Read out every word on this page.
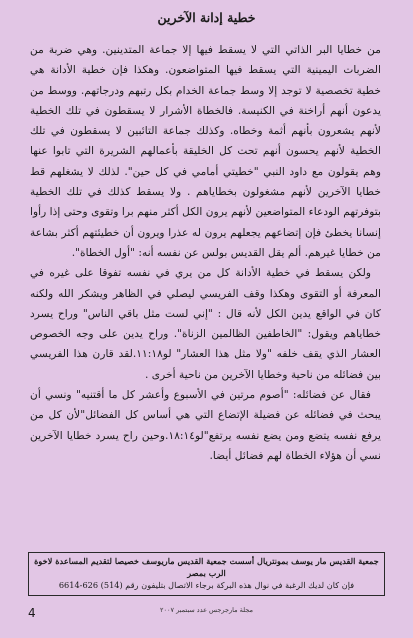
خطية إدانة الآخرين

من خطايا البر الذاتي التي لا يسقط فيها إلا جماعة المتدينين. وهي ضربة من الضربات اليمينية التي يسقط فيها المتواضعون. وهكذا فإن خطية الأدانة هي خطية تخصصية لا توجد إلا وسط جماعة الخدام بكل رتبهم ودرجاتهم. ووسط من يدعون أنهم أراخنة في الكنيسة. فالخطاة الأشرار لا يسقطون في تلك الخطية لأنهم يشعرون بأنهم أثمة وخطاه. وكذلك جماعة التائبين لا يسقطون في تلك الخطية لأنهم يحسون أنهم تحت كل الخليقة بأعمالهم الشريرة التي تابوا عنها وهم يقولون مع داود النبي "خطيتي أمامي في كل حين". لذلك لا يشغلهم قط خطايا الآخرين لأنهم مشغولون بخطاياهم . ولا يسقط كذلك في تلك الخطية بتوفرتهم الودعاء المتواضعين لأنهم يرون الكل أكثر منهم برا وتقوى وحتى إذا رأوا إنسانا يخطئ فإن إتضاعهم يجعلهم يرون له عذرا ويرون أن خطيئتهم أكثر بشاعة من خطايا غيرهم. ألم يقل القديس بولس عن نفسه أنه: "أول الخطاة".

ولكن يسقط في خطية الأدانة كل من يري في نفسه تفوقا على غيره في المعرفة أو التقوى وهكذا وقف الفريسي ليصلي في الظاهر ويشكر الله ولكنه كان في الواقع يدين الكل لأنه قال : "إني لست مثل باقي الناس" وراح يسرد خطاياهم ويقول: "الخاطفين الظالمين الزناة". وراح يدين على وجه الخصوص العشار الذي يقف خلفه "ولا مثل هذا العشار" لو١١:١٨.لقد قارن هذا الفريسي بين فضائله من ناحية وخطايا الآخرين من ناحية أخرى .

فقال عن فضائله: "أصوم مرتين في الأسبوع وأعشر كل ما أقتنيه" ونسي أن يبحث في فضائله عن فضيلة الإتضاع التي هي أساس كل الفضائل"لأن كل من يرفع نفسه يتضع ومن يضع نفسه يرتفع"لو١٨:١٤.وحين راح يسرد خطايا الآخرين نسي أن هؤلاء الخطاة لهم فضائل أيضا.

جمعية القديس مار يوسف بمونتريال أسست جمعية القديس ماريوسف خصيصا لتقديم المساعدة لاخوة الرب بمصر
فإن كان لديك الرغبة في نوال هذه البركة برجاء الاتصال بتليفون رقم (514) 626-6614
4	مجلة مارجرجس عدد سبتمبر ٢٠٠٧
